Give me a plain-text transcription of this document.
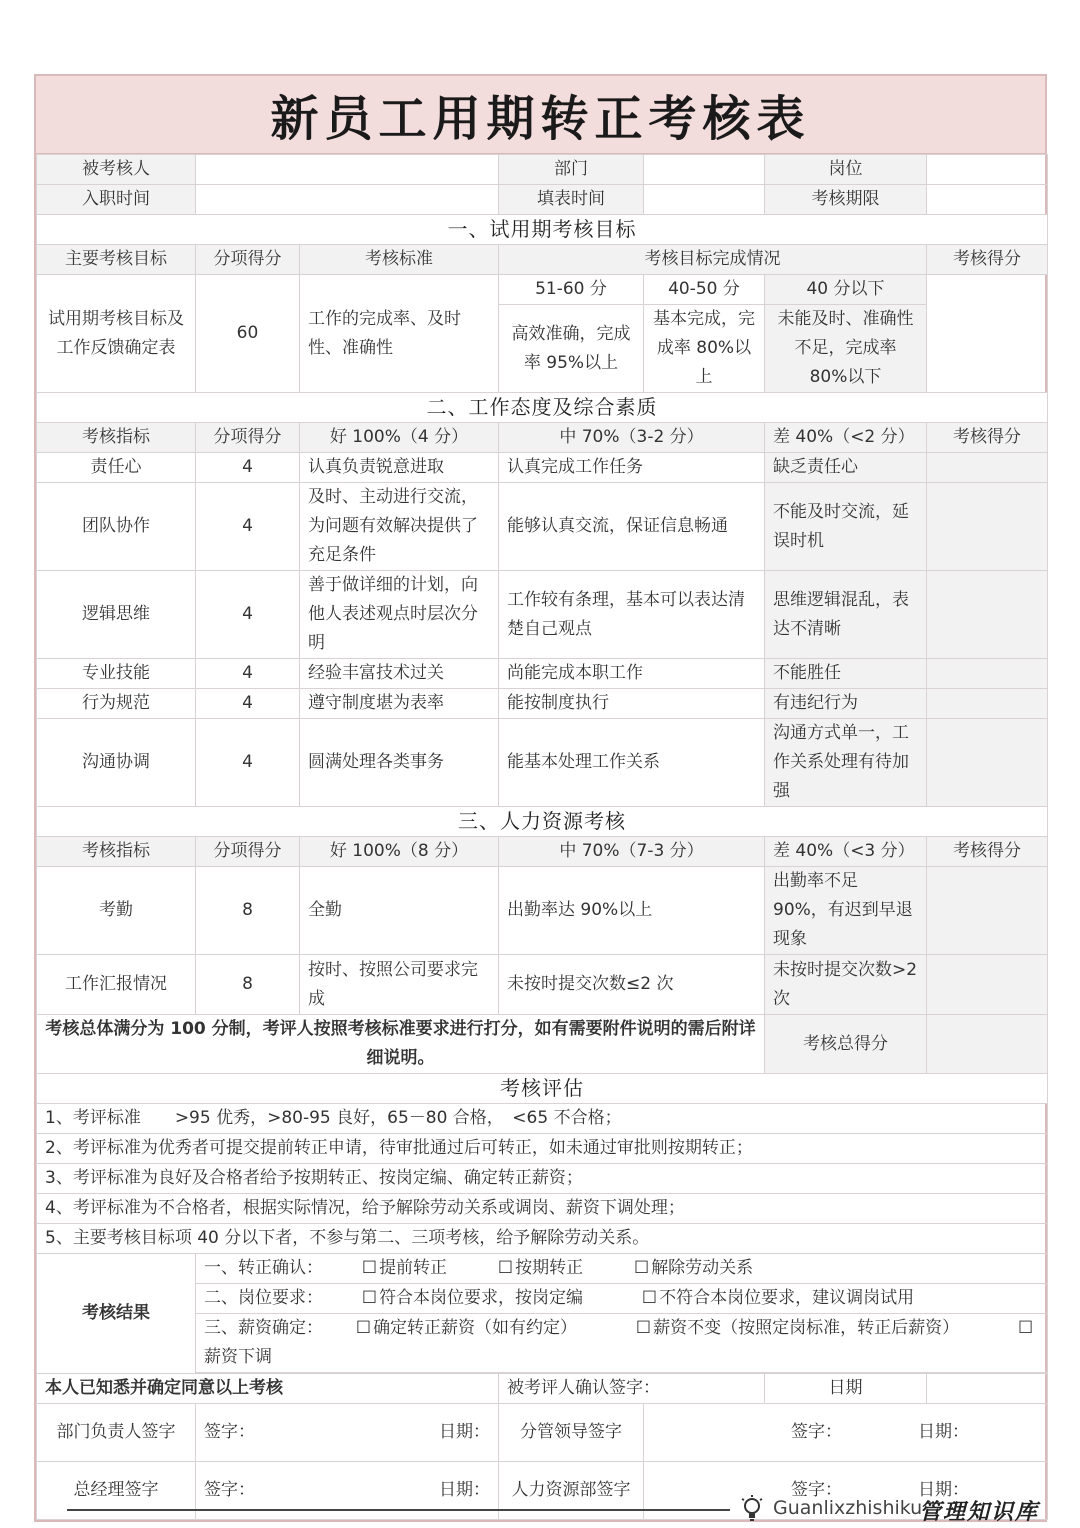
新员工用期转正考核表
被考核人			部门		岗位	
入职时间			填表时间		考核期限	
一、试用期考核目标						
主要考核目标	分项得分	考核标准	考核目标完成情况			考核得分
试用期考核目标及工作反馈确定表	60	工作的完成率、及时性、准确性	51-60 分	40-50 分	40 分以下	
			高效准确，完成率 95%以上	基本完成，完成率 80%以上	未能及时、准确性不足，完成率 80%以下	
二、工作态度及综合素质						
考核指标	分项得分	好 100%（4 分）	中 70%（3-2 分）		差 40%（<2 分）	考核得分
责任心	4	认真负责锐意进取	认真完成工作任务		缺乏责任心	
团队协作	4	及时、主动进行交流，为问题有效解决提供了充足条件	能够认真交流，保证信息畅通		不能及时交流，延误时机	
逻辑思维	4	善于做详细的计划，向他人表述观点时层次分明	工作较有条理，基本可以表达清楚自己观点		思维逻辑混乱，表达不清晰	
专业技能	4	经验丰富技术过关	尚能完成本职工作		不能胜任	
行为规范	4	遵守制度堪为表率	能按制度执行		有违纪行为	
沟通协调	4	圆满处理各类事务	能基本处理工作关系		沟通方式单一，工作关系处理有待加强	
三、人力资源考核						
考核指标	分项得分	好 100%（8 分）	中 70%（7-3 分）		差 40%（<3 分）	考核得分
考勤	8	全勤	出勤率达 90%以上		出勤率不足 90%，有迟到早退现象	
工作汇报情况	8	按时、按照公司要求完成	未按时提交次数≤2 次		未按时提交次数>2 次	
考核总体满分为 100 分制，考评人按照考核标准要求进行打分，如有需要附件说明的需后附详细说明。					考核总得分	
考核评估						
1、考评标准　　>95 优秀，>80-95 良好，65－80 合格，　<65 不合格；						
2、考评标准为优秀者可提交提前转正申请，待审批通过后可转正，如未通过审批则按期转正；						
3、考评标准为良好及合格者给予按期转正、按岗定编、确定转正薪资；						
4、考评标准为不合格者，根据实际情况，给予解除劳动关系或调岗、薪资下调处理；						
5、主要考核目标项 40 分以下者，不参与第二、三项考核，给予解除劳动关系。						
考核结果	一、转正确认： ☐ 提前转正 ☐ 按期转正 ☐ 解除劳动关系					
	二、岗位要求： ☐ 符合本岗位要求，按岗定编 ☐ 不符合本岗位要求，建议调岗试用					
	三、薪资确定： ☐ 确定转正薪资（如有约定） ☐ 薪资不变（按照定岗标准，转正后薪资） ☐
薪资下调					

本人已知悉并确定同意以上考核			被考评人确认签字：		日期	
部门负责人签字	签字： 日期：		分管领导签字	签字： 日期：		

总经理签字	签字： 日期：		人力资源部签字	签字： 日期：		
Guanlixzhishiku
管理知识库
